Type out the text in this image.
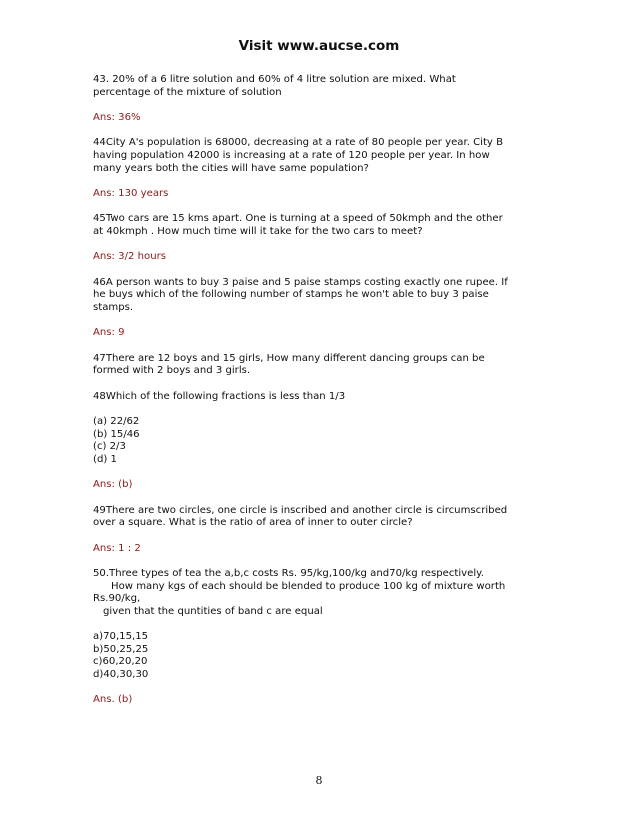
Visit www.aucse.com
43. 20% of a 6 litre solution and 60% of 4 litre solution are mixed. What
percentage of the mixture of solution
Ans: 36%
44City A's population is 68000, decreasing at a rate of 80 people per year. City B
having population 42000 is increasing at a rate of 120 people per year. In how
many years both the cities will have same population?
Ans: 130 years
45Two cars are 15 kms apart. One is turning at a speed of 50kmph and the other
at 40kmph . How much time will it take for the two cars to meet?
Ans: 3/2 hours
46A person wants to buy 3 paise and 5 paise stamps costing exactly one rupee. If
he buys which of the following number of stamps he won't able to buy 3 paise
stamps.
Ans: 9
47There are 12 boys and 15 girls, How many different dancing groups can be
formed with 2 boys and 3 girls.
48Which of the following fractions is less than 1/3
(a) 22/62
(b) 15/46
(c) 2/3
(d) 1
Ans: (b)
49There are two circles, one circle is inscribed and another circle is circumscribed
over a square. What is the ratio of area of inner to outer circle?
Ans: 1 : 2
50.Three types of tea the a,b,c costs Rs. 95/kg,100/kg and70/kg respectively.
How many kgs of each should be blended to produce 100 kg of mixture worth
Rs.90/kg,
given that the quntities of band c are equal
a)70,15,15
b)50,25,25
c)60,20,20
d)40,30,30
Ans. (b)
8
